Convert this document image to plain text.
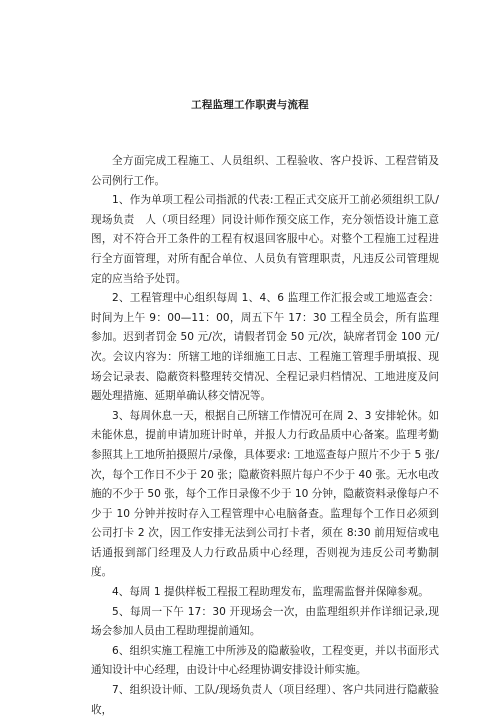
工程监理工作职责与流程

全方面完成工程施工、人员组织、工程验收、客户投诉、工程营销及公司例行工作。

1、作为单项工程公司指派的代表:工程正式交底开工前必须组织工队/现场负责　人（项目经理）同设计师作预交底工作，充分领悟设计施工意图，对不符合开工条件的工程有权退回客服中心。对整个工程施工过程进行全方面管理，对所有配合单位、人员负有管理职责，凡违反公司管理规定的应当给予处罚。

2、工程管理中心组织每周 1、4、6 监理工作汇报会或工地巡查会：时间为上午 9：00—11：00，周五下午 17：30 工程全员会，所有监理参加。迟到者罚金 50 元/次，请假者罚金 50 元/次，缺席者罚金 100 元/次。会议内容为：所辖工地的详细施工日志、工程施工管理手册填报、现场会记录表、隐蔽资料整理转交情况、全程记录归档情况、工地进度及问题处理措施、延期单确认移交情况等。

3、每周休息一天，根据自己所辖工作情况可在周 2、3 安排轮休。如未能休息，提前申请加班计时单，并报人力行政品质中心备案。监理考勤参照其上工地所拍摄照片/录像，具体要求: 工地巡查每户照片不少于 5 张/次，每个工作日不少于 20 张；隐蔽资料照片每户不少于 40 张。无水电改施的不少于 50 张，每个工作日录像不少于 10 分钟，隐蔽资料录像每户不少于 10 分钟并按时存入工程管理中心电脑备查。监理每个工作日必须到公司打卡 2 次，因工作安排无法到公司打卡者，须在 8:30 前用短信或电话通报到部门经理及人力行政品质中心经理，否则视为违反公司考勤制度。

4、每周 1 提供样板工程报工程助理发布，监理需监督并保障参观。

5、每周一下午 17：30 开现场会一次，由监理组织并作详细记录,现场会参加人员由工程助理提前通知。

6、组织实施工程施工中所涉及的隐蔽验收，工程变更，并以书面形式通知设计中心经理，由设计中心经理协调安排设计师实施。

7、组织设计师、工队/现场负责人（项目经理）、客户共同进行隐蔽验收，
